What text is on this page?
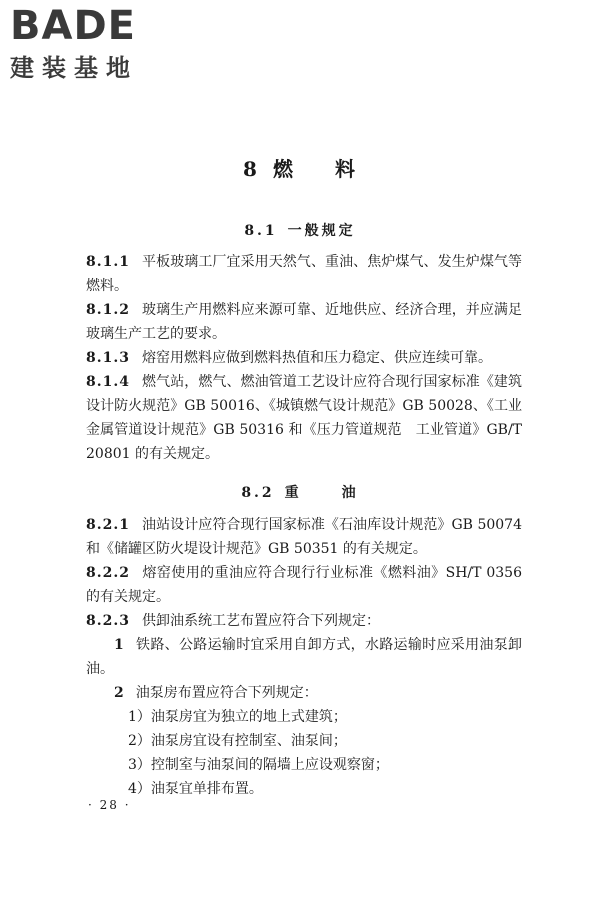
BADE
建装基地
8 燃 料
8.1 一般规定

8.1.1 平板玻璃工厂宜采用天然气、重油、焦炉煤气、发生炉煤气等燃料。

8.1.2 玻璃生产用燃料应来源可靠、近地供应、经济合理，并应满足玻璃生产工艺的要求。

8.1.3 熔窑用燃料应做到燃料热值和压力稳定、供应连续可靠。

8.1.4 燃气站，燃气、燃油管道工艺设计应符合现行国家标准《建筑设计防火规范》GB 50016、《城镇燃气设计规范》GB 50028、《工业金属管道设计规范》GB 50316 和《压力管道规范　工业管道》GB/T 20801 的有关规定。

8.2 重	油

8.2.1 油站设计应符合现行国家标准《石油库设计规范》GB 50074 和《储罐区防火堤设计规范》GB 50351 的有关规定。

8.2.2 熔窑使用的重油应符合现行行业标准《燃料油》SH/T 0356 的有关规定。

8.2.3 供卸油系统工艺布置应符合下列规定：

1 铁路、公路运输时宜采用自卸方式，水路运输时应采用油泵卸油。

2 油泵房布置应符合下列规定：

1）油泵房宜为独立的地上式建筑；

2）油泵房宜设有控制室、油泵间；

3）控制室与油泵间的隔墙上应设观察窗；

4）油泵宜单排布置。

· 28 ·
